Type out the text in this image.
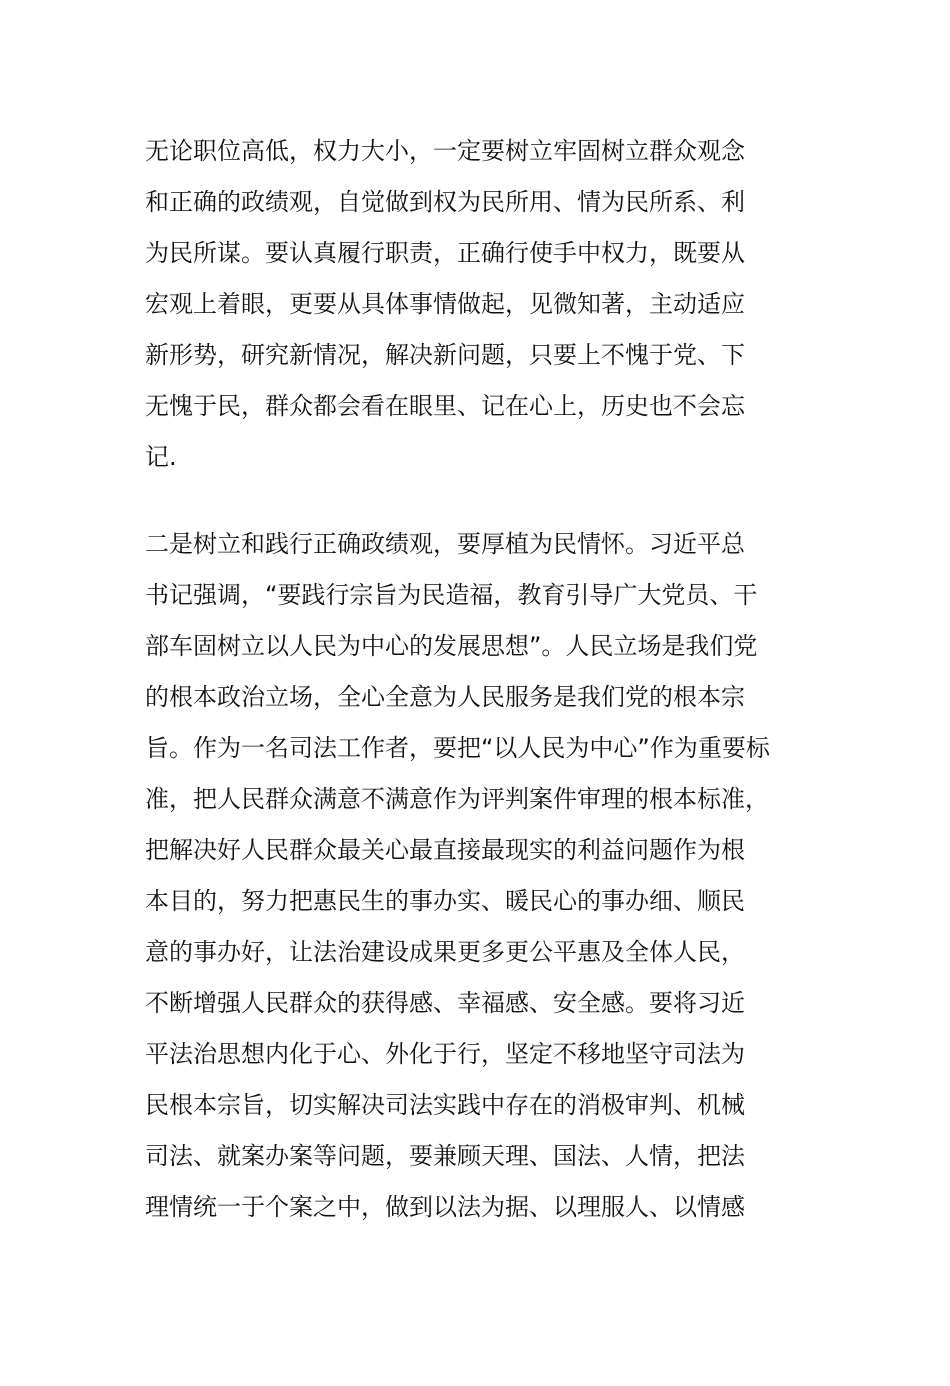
无论职位高低，权力大小，一定要树立牢固树立群众观念
和正确的政绩观，自觉做到权为民所用、情为民所系、利
为民所谋。要认真履行职责，正确行使手中权力，既要从
宏观上着眼，更要从具体事情做起，见微知著，主动适应
新形势，研究新情况，解决新问题，只要上不愧于党、下
无愧于民，群众都会看在眼里、记在心上，历史也不会忘
记.
二是树立和践行正确政绩观，要厚植为民情怀。习近平总
书记强调，“要践行宗旨为民造福，教育引导广大党员、干
部车固树立以人民为中心的发展思想”。人民立场是我们党
的根本政治立场，全心全意为人民服务是我们党的根本宗
旨。作为一名司法工作者，要把“以人民为中心”作为重要标
准，把人民群众满意不满意作为评判案件审理的根本标准，
把解决好人民群众最关心最直接最现实的利益问题作为根
本目的，努力把惠民生的事办实、暖民心的事办细、顺民
意的事办好，让法治建设成果更多更公平惠及全体人民，
不断增强人民群众的获得感、幸福感、安全感。要将习近
平法治思想内化于心、外化于行，坚定不移地坚守司法为
民根本宗旨，切实解决司法实践中存在的消极审判、机械
司法、就案办案等问题，要兼顾天理、国法、人情，把法
理情统一于个案之中，做到以法为据、以理服人、以情感
